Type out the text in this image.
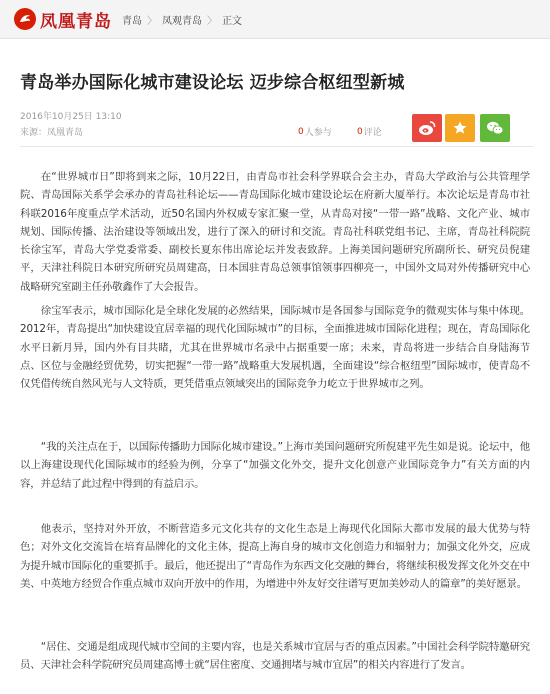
凤凰青岛 青岛 〉 凤观青岛 〉 正文
青岛举办国际化城市建设论坛 迈步综合枢纽型新城
2016年10月25日 13:10
来源：凤凰青岛	0 人参与	0 评论

在“世界城市日”即将到来之际，10月22日，由青岛市社会科学界联合会主办，青岛大学政治与公共管理学院、青岛国际关系学会承办的青岛社科论坛——青岛国际化城市建设论坛在府新大厦举行。本次论坛是青岛市社科联2016年度重点学术活动，近50名国内外权威专家汇聚一堂，从青岛对接“一带一路”战略、文化产业、城市规划、国际传播、法治建设等领域出发，进行了深入的研讨和交流。青岛社科联党组书记、主席，青岛社科院院长徐宝军，青岛大学党委常委、副校长夏东伟出席论坛并发表致辞。上海美国问题研究所副所长、研究员倪建平，天津社科院日本研究所研究员周建高，日本国驻青岛总领事馆领事四柳亮一，中国外文局对外传播研究中心战略研究室副主任孙敬鑫作了大会报告。

徐宝军表示，城市国际化是全球化发展的必然结果，国际城市是各国参与国际竞争的微观实体与集中体现。2012年，青岛提出“加快建设宜居幸福的现代化国际城市”的目标，全面推进城市国际化进程；现在，青岛国际化水平日新月异，国内外有目共睹，尤其在世界城市名录中占据重要一席；未来，青岛将进一步结合自身陆海节点、区位与金融经贸优势，切实把握“一带一路”战略重大发展机遇，全面建设“综合枢纽型”国际城市，使青岛不仅凭借传统自然风光与人文特质，更凭借重点领域突出的国际竞争力屹立于世界城市之列。

“我的关注点在于，以国际传播助力国际化城市建设。”上海市美国问题研究所倪建平先生如是说。论坛中，他以上海建设现代化国际城市的经验为例，分享了“加强文化外交，提升文化创意产业国际竞争力”有关方面的内容，并总结了此过程中得到的有益启示。

他表示，坚持对外开放，不断营造多元文化共存的文化生态是上海现代化国际大都市发展的最大优势与特色；对外文化交流旨在培育品牌化的文化主体，提高上海自身的城市文化创造力和辐射力；加强文化外交，应成为提升城市国际化的重要抓手。最后，他还提出了“青岛作为东西文化交融的舞台，将继续积极发挥文化外交在中美、中英地方经贸合作重点城市双向开放中的作用，为增进中外友好交往谱写更加美妙动人的篇章”的美好愿景。

“居住、交通是组成现代城市空间的主要内容，也是关系城市宜居与否的重点因素。”中国社会科学院特邀研究员、天津社会科学院研究员周建高博士就“居住密度、交通拥堵与城市宜居”的相关内容进行了发言。
